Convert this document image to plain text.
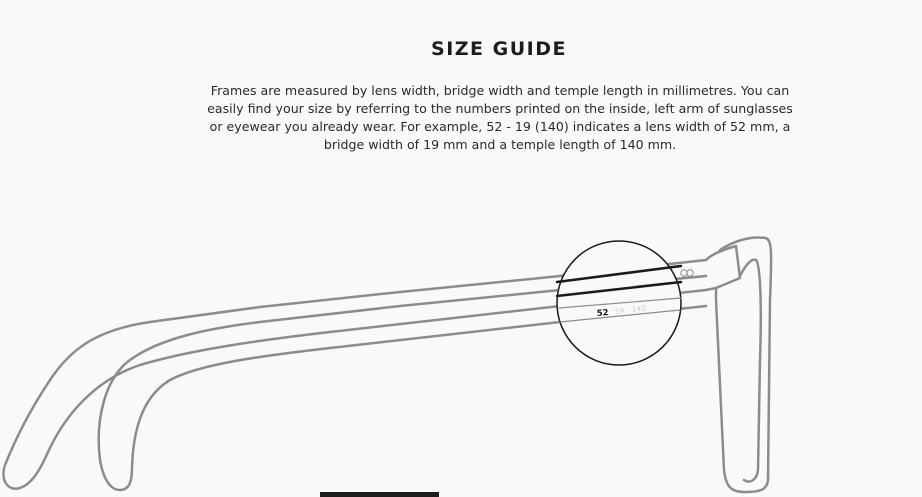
SIZE GUIDE
Frames are measured by lens width, bridge width and temple length in millimetres. You can easily find your size by referring to the numbers printed on the inside, left arm of sunglasses or eyewear you already wear. For example, 52 - 19 (140) indicates a lens width of 52 mm, a bridge width of 19 mm and a temple length of 140 mm.
52 19 140
